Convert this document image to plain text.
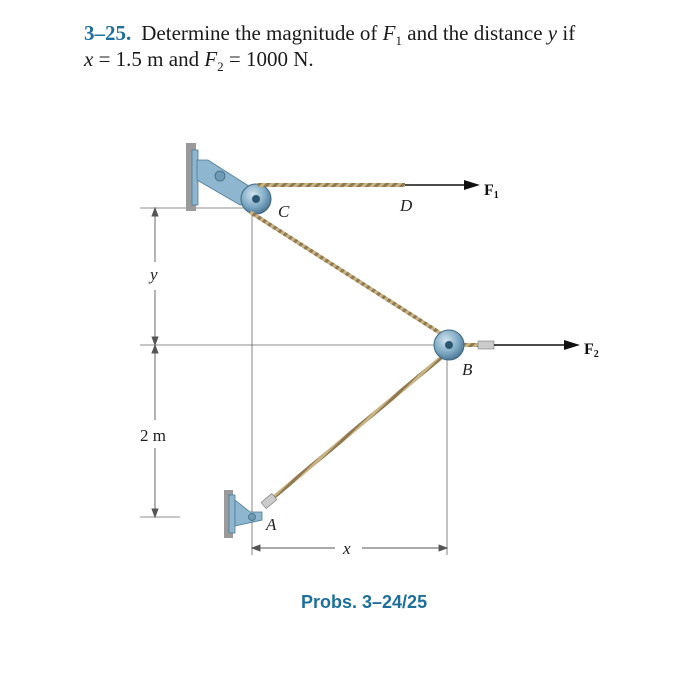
3–25. Determine the magnitude of $F_1$ and the distance y if
x = 1.5 m and $F_2 = 1000$ N.
y
2 m
x
C
B
D
A
F1
F2
Probs. 3–24/25
